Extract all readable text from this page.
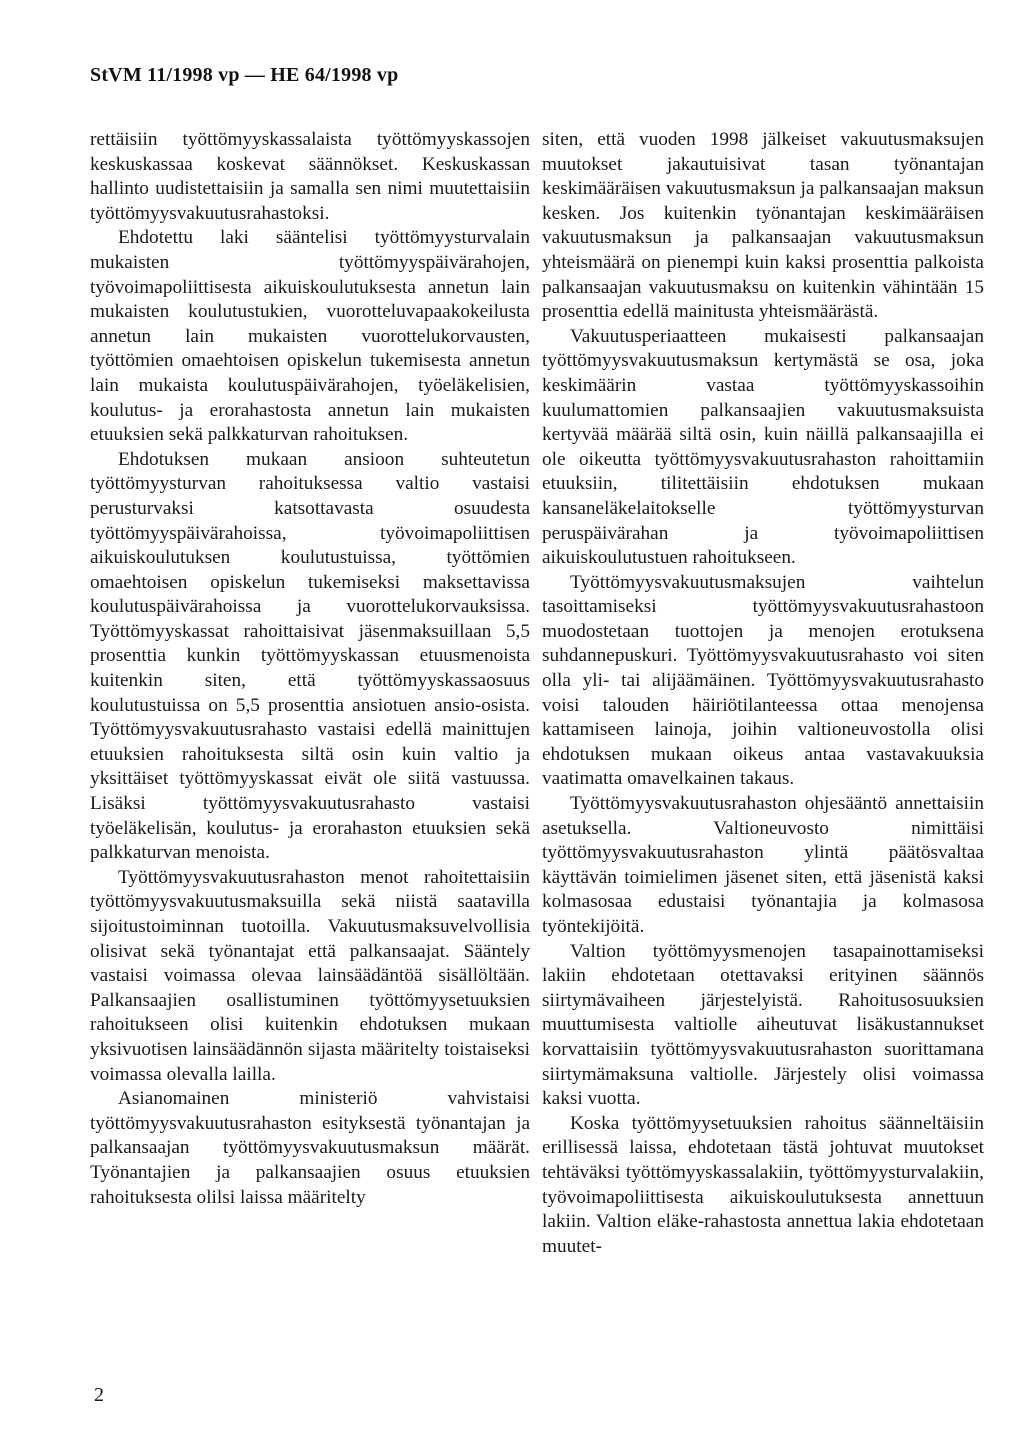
StVM 11/1998 vp — HE 64/1998 vp

rettäisiin työttömyyskassalaista työttömyyskassojen keskuskassaa koskevat säännökset. Keskuskassan hallinto uudistettaisiin ja samalla sen nimi muutettaisiin työttömyysvakuutusrahastoksi.

Ehdotettu laki sääntelisi työttömyysturvalain mukaisten työttömyyspäivärahojen, työvoimapoliittisesta aikuiskoulutuksesta annetun lain mukaisten koulutustukien, vuorotteluvapaakokeilusta annetun lain mukaisten vuorottelukorvausten, työttömien omaehtoisen opiskelun tukemisesta annetun lain mukaista koulutuspäivärahojen, työeläkelisien, koulutus- ja erorahastosta annetun lain mukaisten etuuksien sekä palkkaturvan rahoituksen.

Ehdotuksen mukaan ansioon suhteutetun työttömyysturvan rahoituksessa valtio vastaisi perusturvaksi katsottavasta osuudesta työttömyyspäivärahoissa, työvoimapoliittisen aikuiskoulutuksen koulutustuissa, työttömien omaehtoisen opiskelun tukemiseksi maksettavissa koulutuspäivärahoissa ja vuorottelukorvauksissa. Työttömyyskassat rahoittaisivat jäsenmaksuillaan 5,5 prosenttia kunkin työttömyyskassan etuusmenoista kuitenkin siten, että työttömyyskassaosuus koulutustuissa on 5,5 prosenttia ansiotuen ansio-osista. Työttömyysvakuutusrahasto vastaisi edellä mainittujen etuuksien rahoituksesta siltä osin kuin valtio ja yksittäiset työttömyyskassat eivät ole siitä vastuussa. Lisäksi työttömyysvakuutusrahasto vastaisi työeläkelisän, koulutus- ja erorahaston etuuksien sekä palkkaturvan menoista.

Työttömyysvakuutusrahaston menot rahoitettaisiin työttömyysvakuutusmaksuilla sekä niistä saatavilla sijoitustoiminnan tuotoilla. Vakuutusmaksuvelvollisia olisivat sekä työnantajat että palkansaajat. Sääntely vastaisi voimassa olevaa lainsäädäntöä sisällöltään. Palkansaajien osallistuminen työttömyysetuuksien rahoitukseen olisi kuitenkin ehdotuksen mukaan yksivuotisen lainsäädännön sijasta määritelty toistaiseksi voimassa olevalla lailla.

Asianomainen ministeriö vahvistaisi työttömyysvakuutusrahaston esityksestä työnantajan ja palkansaajan työttömyysvakuutusmaksun määrät. Työnantajien ja palkansaajien osuus etuuksien rahoituksesta olilsi laissa määritelty

siten, että vuoden 1998 jälkeiset vakuutusmaksujen muutokset jakautuisivat tasan työnantajan keskimääräisen vakuutusmaksun ja palkansaajan maksun kesken. Jos kuitenkin työnantajan keskimääräisen vakuutusmaksun ja palkansaajan vakuutusmaksun yhteismäärä on pienempi kuin kaksi prosenttia palkoista palkansaajan vakuutusmaksu on kuitenkin vähintään 15 prosenttia edellä mainitusta yhteismäärästä.

Vakuutusperiaatteen mukaisesti palkansaajan työttömyysvakuutusmaksun kertymästä se osa, joka keskimäärin vastaa työttömyyskassoihin kuulumattomien palkansaajien vakuutusmaksuista kertyvää määrää siltä osin, kuin näillä palkansaajilla ei ole oikeutta työttömyysvakuutusrahaston rahoittamiin etuuksiin, tilitettäisiin ehdotuksen mukaan kansaneläkelaitokselle työttömyysturvan peruspäivärahan ja työvoimapoliittisen aikuiskoulutustuen rahoitukseen.

Työttömyysvakuutusmaksujen vaihtelun tasoittamiseksi työttömyysvakuutusrahastoon muodostetaan tuottojen ja menojen erotuksena suhdannepuskuri. Työttömyysvakuutusrahasto voi siten olla yli- tai alijäämäinen. Työttömyysvakuutusrahasto voisi talouden häiriötilanteessa ottaa menojensa kattamiseen lainoja, joihin valtioneuvostolla olisi ehdotuksen mukaan oikeus antaa vastavakuuksia vaatimatta omavelkainen takaus.

Työttömyysvakuutusrahaston ohjesääntö annettaisiin asetuksella. Valtioneuvosto nimittäisi työttömyysvakuutusrahaston ylintä päätösvaltaa käyttävän toimielimen jäsenet siten, että jäsenistä kaksi kolmasosaa edustaisi työnantajia ja kolmasosa työntekijöitä.

Valtion työttömyysmenojen tasapainottamiseksi lakiin ehdotetaan otettavaksi erityinen säännös siirtymävaiheen järjestelyistä. Rahoitusosuuksien muuttumisesta valtiolle aiheutuvat lisäkustannukset korvattaisiin työttömyysvakuutusrahaston suorittamana siirtymämaksuna valtiolle. Järjestely olisi voimassa kaksi vuotta.

Koska työttömyysetuuksien rahoitus säänneltäisiin erillisessä laissa, ehdotetaan tästä johtuvat muutokset tehtäväksi työttömyyskassalakiin, työttömyysturvalakiin, työvoimapoliittisesta aikuiskoulutuksesta annettuun lakiin. Valtion eläke-rahastosta annettua lakia ehdotetaan muutet-

2
